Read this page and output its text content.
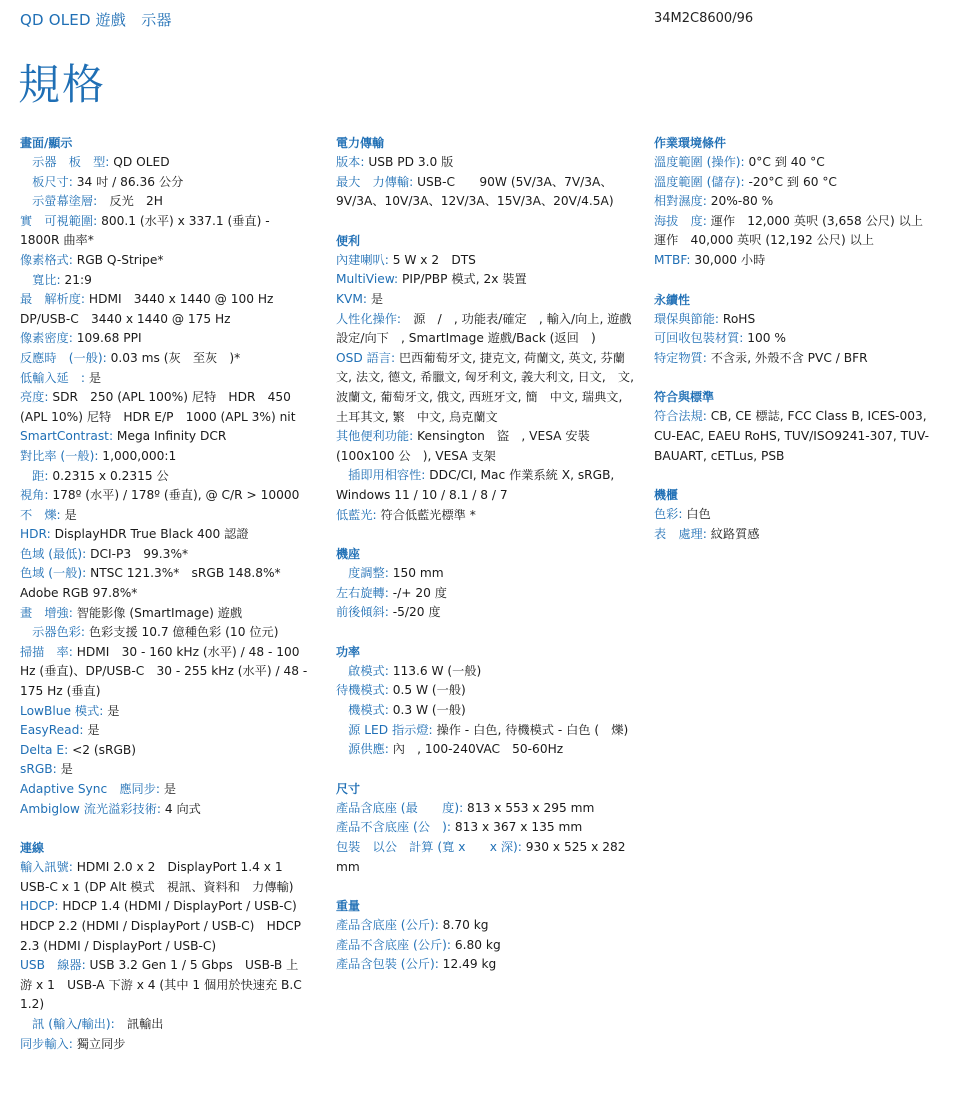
QD OLED 遊戲　示器	34M2C8600/96
規格
畫面/顯示
　示器　板　型: QD OLED
　板尺寸: 34 吋 / 86.36 公分
　示螢幕塗層:　反光　2H
實　可視範圍: 800.1 (水平) x 337.1 (垂直) - 1800R 曲率*
像素格式: RGB Q-Stripe*
　寬比: 21:9
最　解析度: HDMI　3440 x 1440 @ 100 Hz DP/USB-C　3440 x 1440 @ 175 Hz
像素密度: 109.68 PPI
反應時　(一般): 0.03 ms (灰　至灰　)*
低輸入延　: 是
亮度: SDR　250 (APL 100%) 尼特　HDR　450 (APL 10%) 尼特　HDR E/P　1000 (APL 3%) nit
SmartContrast: Mega Infinity DCR
對比率 (一般): 1,000,000:1
　距: 0.2315 x 0.2315 公
視角: 178º (水平) / 178º (垂直), @ C/R > 10000
不　爍: 是
HDR: DisplayHDR True Black 400 認證
色域 (最低): DCI-P3　99.3%*
色域 (一般): NTSC 121.3%*　sRGB 148.8%* Adobe RGB 97.8%*
畫　增強: 智能影像 (SmartImage) 遊戲
　示器色彩: 色彩支援 10.7 億種色彩 (10 位元)
掃描　率: HDMI　30 - 160 kHz (水平) / 48 - 100 Hz (垂直)、DP/USB-C　30 - 255 kHz (水平) / 48 - 175 Hz (垂直)
LowBlue 模式: 是
EasyRead: 是
Delta E: <2 (sRGB)
sRGB: 是
Adaptive Sync　應同步: 是
Ambiglow 流光溢彩技術: 4 向式
連線
輸入訊號: HDMI 2.0 x 2　DisplayPort 1.4 x 1 USB-C x 1 (DP Alt 模式　視訊、資料和　力傳輸)
HDCP: HDCP 1.4 (HDMI / DisplayPort / USB-C)　HDCP 2.2 (HDMI / DisplayPort / USB-C)　HDCP 2.3 (HDMI / DisplayPort / USB-C)
USB　線器: USB 3.2 Gen 1 / 5 Gbps　USB-B 上游 x 1　USB-A 下游 x 4 (其中 1 個用於快速充 B.C 1.2)
　訊 (輸入/輸出):　訊輸出
同步輸入: 獨立同步
電力傳輸
版本: USB PD 3.0 版
最大　力傳輸: USB-C　　90W (5V/3A、7V/3A、9V/3A、10V/3A、12V/3A、15V/3A、20V/4.5A)
便利
內建喇叭: 5 W x 2　DTS
MultiView: PIP/PBP 模式, 2x 裝置
KVM: 是
人性化操作:　源　/　, 功能表/確定　, 輸入/向上, 遊戲設定/向下　, SmartImage 遊戲/Back (返回　)
OSD 語言: 巴西葡萄牙文, 捷克文, 荷蘭文, 英文, 芬蘭文, 法文, 德文, 希臘文, 匈牙利文, 義大利文, 日文,　文, 波蘭文, 葡萄牙文, 俄文, 西班牙文, 簡　中文, 瑞典文, 土耳其文, 繁　中文, 烏克蘭文
其他便利功能: Kensington　盜　, VESA 安裝 (100x100 公　), VESA 支架
　插即用相容性: DDC/CI, Mac 作業系統 X, sRGB, Windows 11 / 10 / 8.1 / 8 / 7
低藍光: 符合低藍光標準 *
機座
　度調整: 150 mm
左右旋轉: -/+ 20 度
前後傾斜: -5/20 度
功率
　啟模式: 113.6 W (一般)
待機模式: 0.5 W (一般)
　機模式: 0.3 W (一般)
　源 LED 指示燈: 操作 - 白色, 待機模式 - 白色 (　爍)
　源供應: 內　, 100-240VAC　50-60Hz
尺寸
產品含底座 (最　　度): 813 x 553 x 295 mm
產品不含底座 (公　): 813 x 367 x 135 mm
包裝　以公　計算 (寬 x　　x 深): 930 x 525 x 282 mm
重量
產品含底座 (公斤): 8.70 kg
產品不含底座 (公斤): 6.80 kg
產品含包裝 (公斤): 12.49 kg
作業環境條件
溫度範圍 (操作): 0°C 到 40 °C
溫度範圍 (儲存): -20°C 到 60 °C
相對濕度: 20%-80 %
海拔　度: 運作　12,000 英呎 (3,658 公尺) 以上　　運作　40,000 英呎 (12,192 公尺) 以上
MTBF: 30,000 小時
永續性
環保與節能: RoHS
可回收包裝材質: 100 %
特定物質: 不含汞, 外殼不含 PVC / BFR
符合與標準
符合法規: CB, CE 標誌, FCC Class B, ICES-003, CU-EAC, EAEU RoHS, TUV/ISO9241-307, TUV-BAUART, cETLus, PSB
機櫃
色彩: 白色
表　處理: 紋路質感
